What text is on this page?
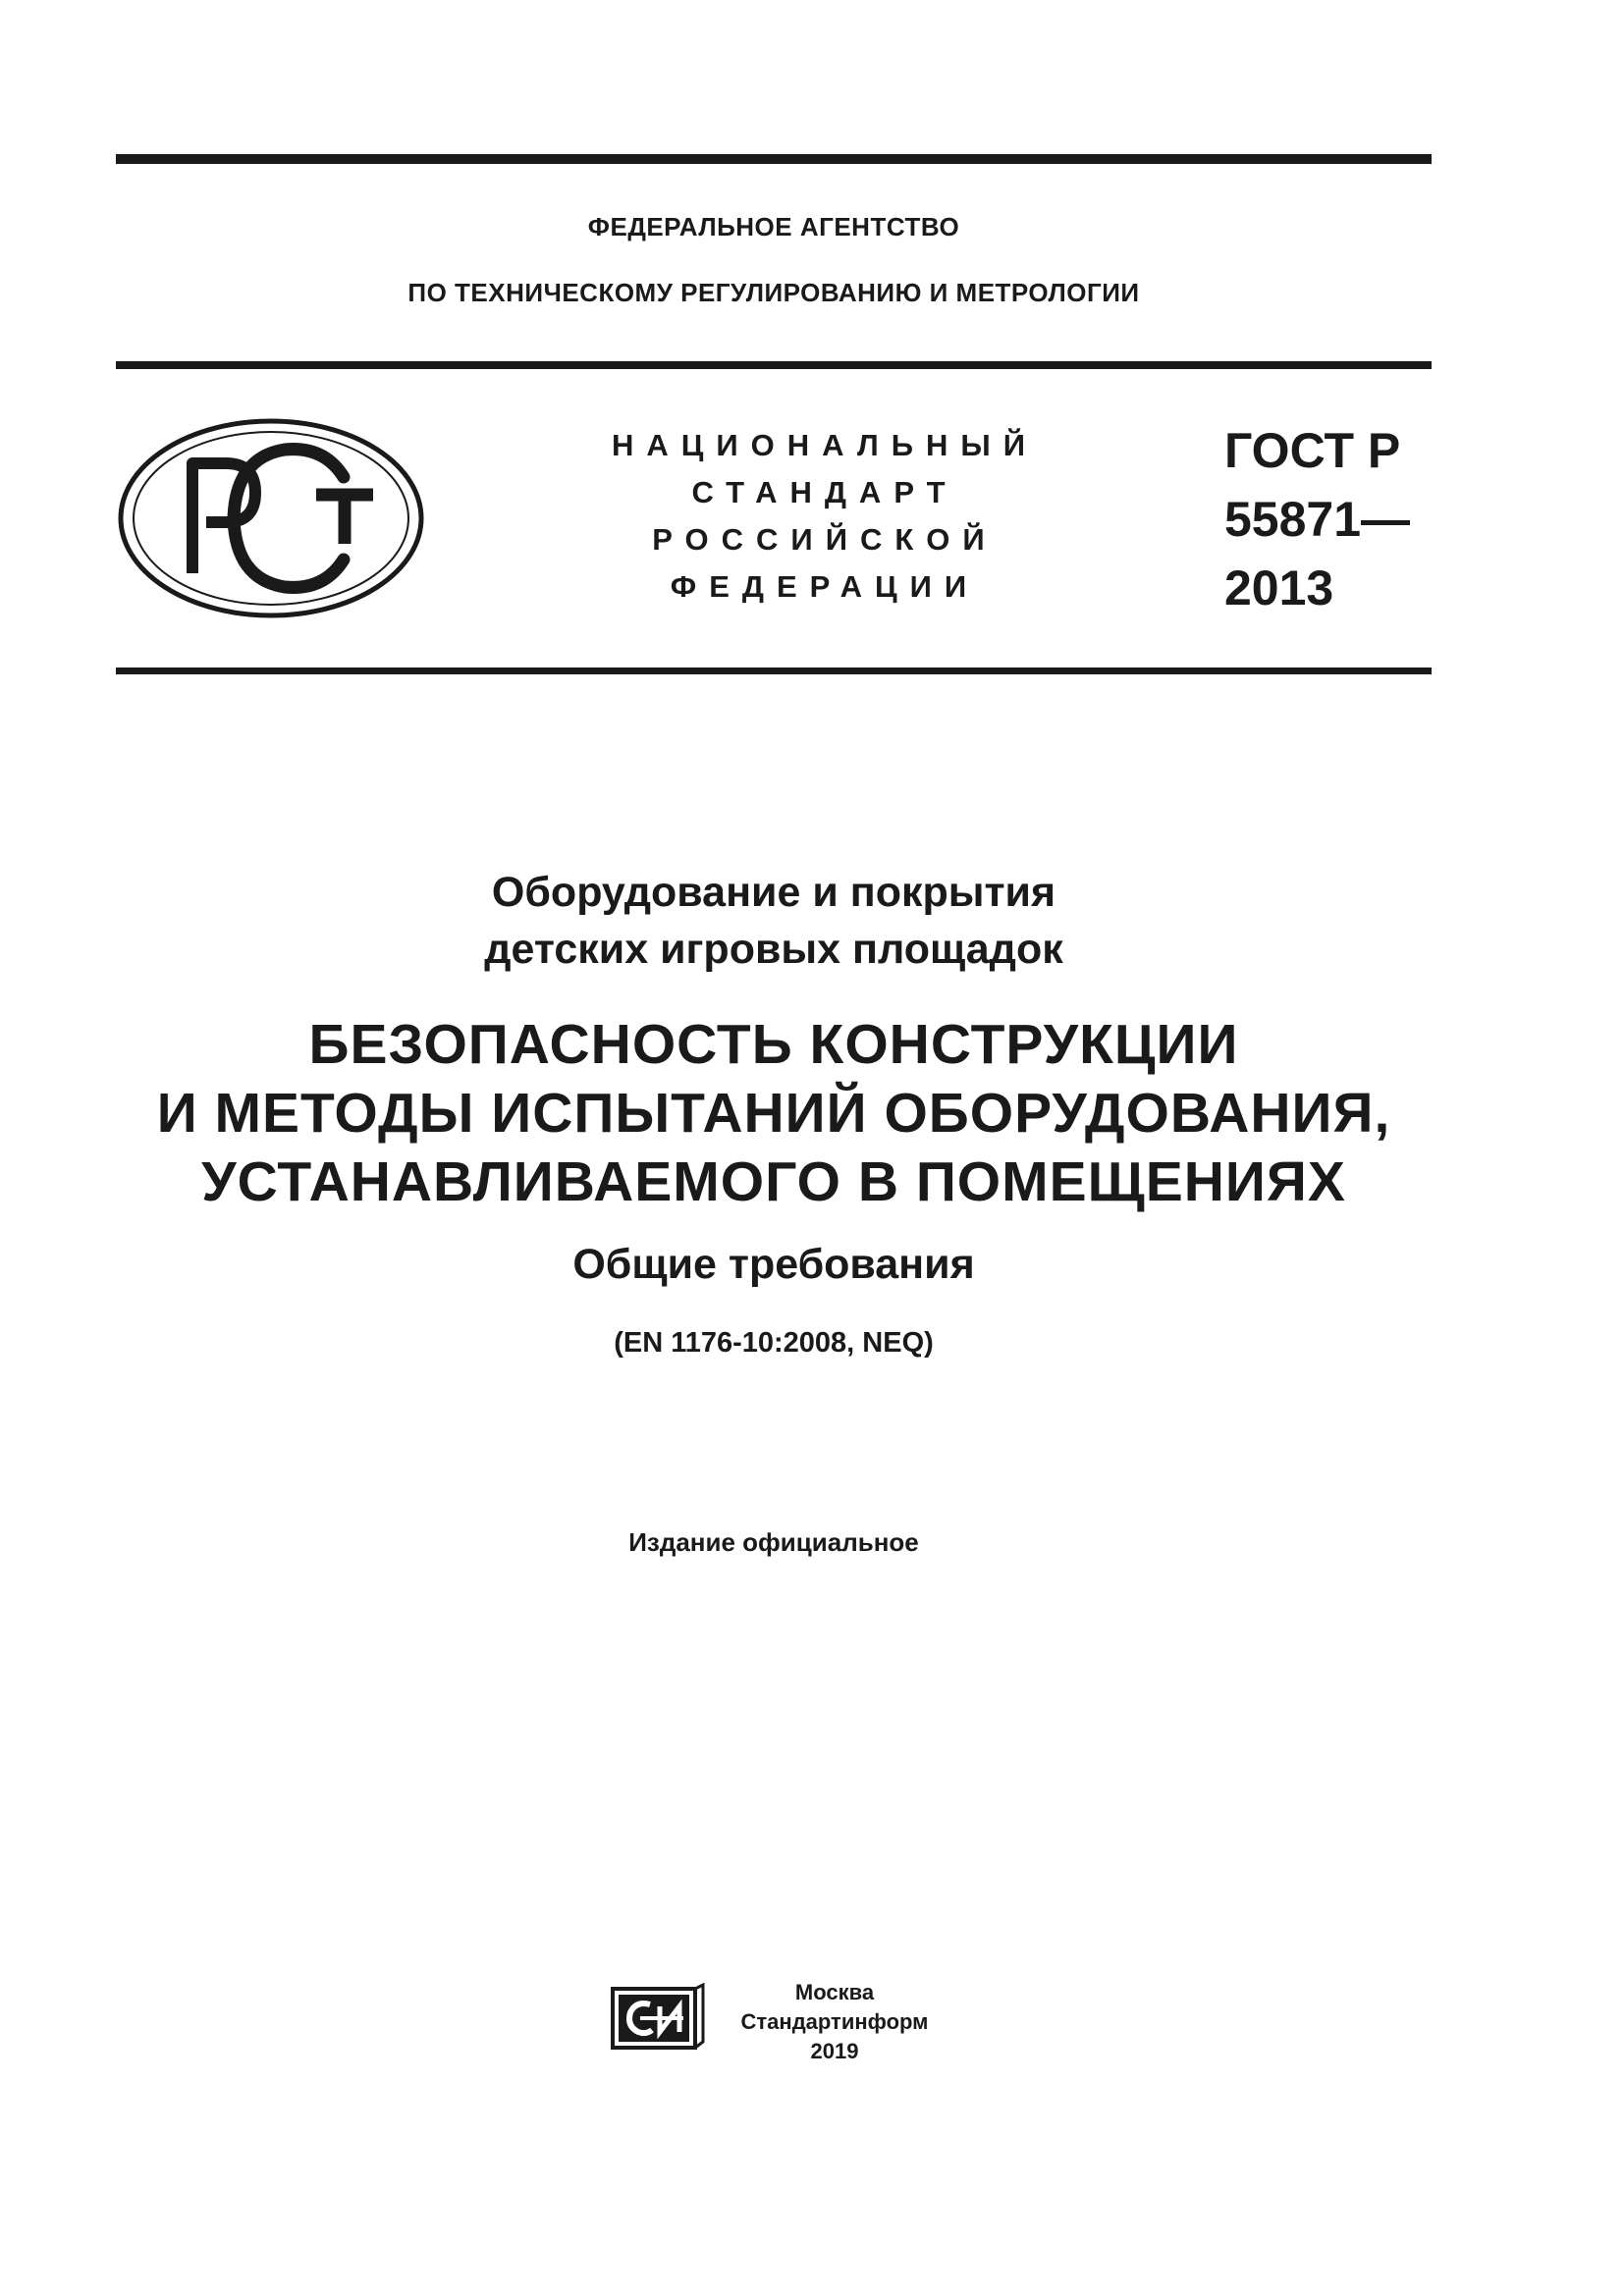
ФЕДЕРАЛЬНОЕ АГЕНТСТВО
ПО ТЕХНИЧЕСКОМУ РЕГУЛИРОВАНИЮ И МЕТРОЛОГИИ
НАЦИОНАЛЬНЫЙ
СТАНДАРТ
РОССИЙСКОЙ
ФЕДЕРАЦИИ
ГОСТ Р
55871—
2013
Оборудование и покрытия
детских игровых площадок
БЕЗОПАСНОСТЬ КОНСТРУКЦИИ
И МЕТОДЫ ИСПЫТАНИЙ ОБОРУДОВАНИЯ,
УСТАНАВЛИВАЕМОГО В ПОМЕЩЕНИЯХ
Общие требования
(EN 1176-10:2008, NEQ)
Издание официальное
Москва
Стандартинформ
2019
